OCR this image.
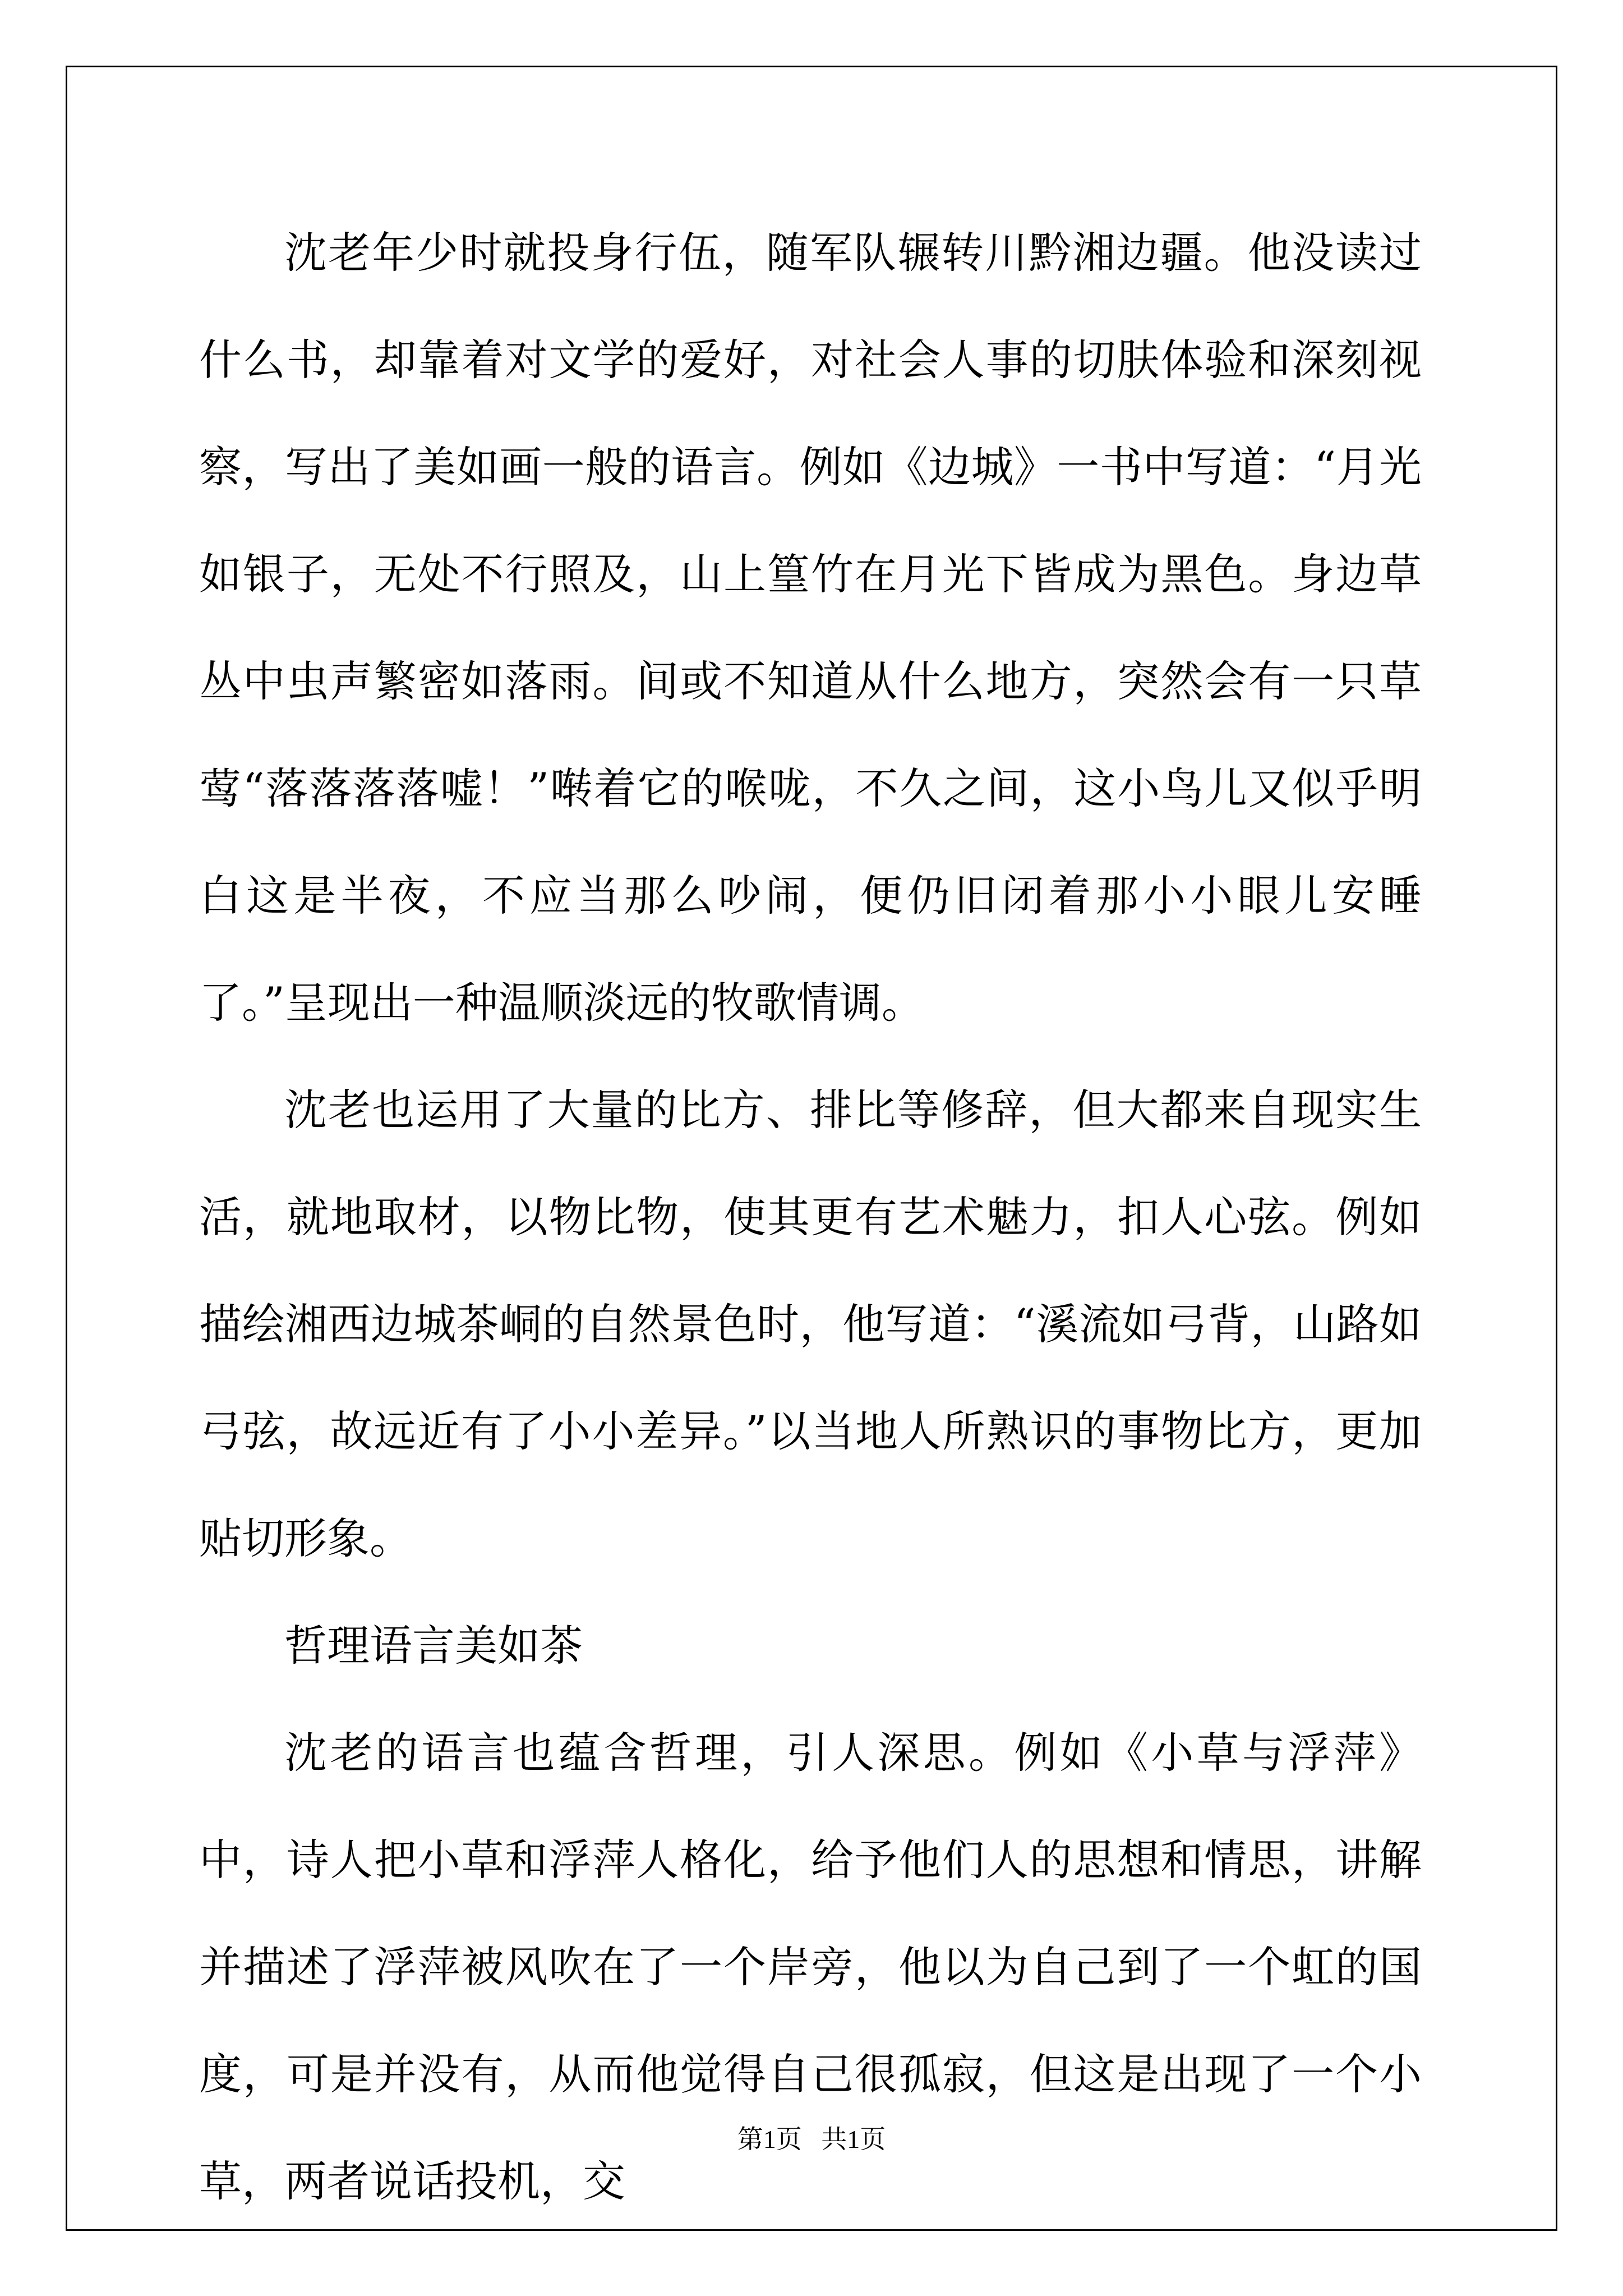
沈老年少时就投身行伍，随军队辗转川黔湘边疆。他没读过什么书，却靠着对文学的爱好，对社会人事的切肤体验和深刻视察，写出了美如画一般的语言。例如《边城》一书中写道：“月光如银子，无处不行照及，山上篁竹在月光下皆成为黑色。身边草丛中虫声繁密如落雨。间或不知道从什么地方，突然会有一只草莺“落落落落嘘！”啭着它的喉咙，不久之间，这小鸟儿又似乎明白这是半夜，不应当那么吵闹，便仍旧闭着那小小眼儿安睡了。”呈现出一种温顺淡远的牧歌情调。

沈老也运用了大量的比方、排比等修辞，但大都来自现实生活，就地取材，以物比物，使其更有艺术魅力，扣人心弦。例如描绘湘西边城茶峒的自然景色时，他写道：“溪流如弓背，山路如弓弦，故远近有了小小差异。”以当地人所熟识的事物比方，更加贴切形象。

哲理语言美如茶

沈老的语言也蕴含哲理，引人深思。例如《小草与浮萍》中，诗人把小草和浮萍人格化，给予他们人的思想和情思，讲解并描述了浮萍被风吹在了一个岸旁，他以为自己到了一个虹的国度，可是并没有，从而他觉得自己很孤寂，但这是出现了一个小草，两者说话投机，交

第1页 共1页
